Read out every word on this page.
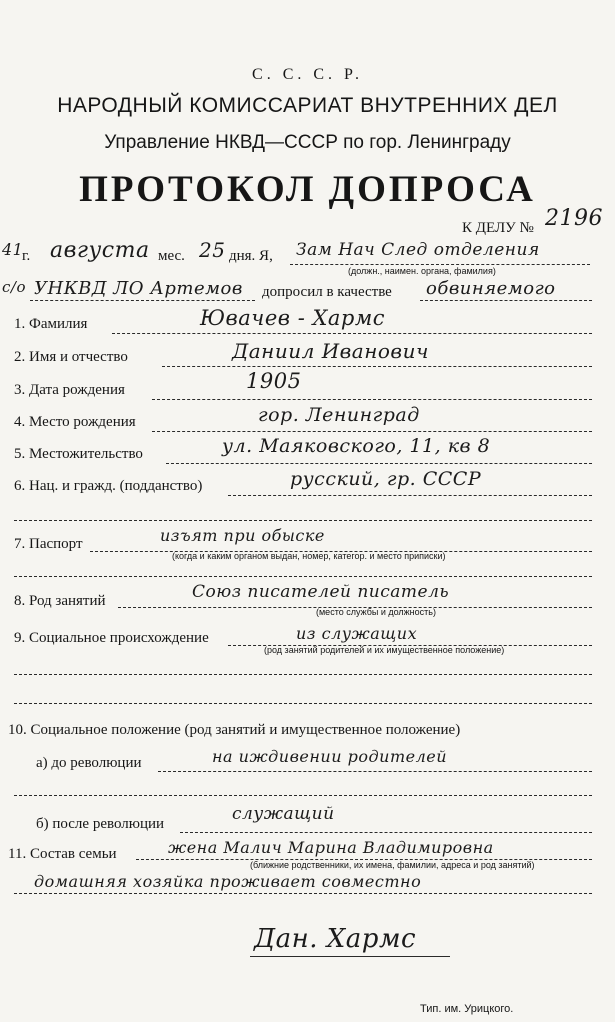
С. С. С. Р.
НАРОДНЫЙ КОМИССАРИАТ ВНУТРЕННИХ ДЕЛ
Управление НКВД—СССР по гор. Ленинграду
ПРОТОКОЛ ДОПРОСА
К ДЕЛУ № 2196
41
г. августа мес. 25 дня. Я, Зам Нач След отделения
(должн., наимен. органа, фамилия)
с/о УНКВД ЛО Артемов допросил в качестве обвиняемого
1. Фамилия	Ювачев - Хармс
2. Имя и отчество	Даниил Иванович
3. Дата рождения	1905
4. Место рождения	гор. Ленинград
5. Местожительство	ул. Маяковского, 11, кв 8
6. Нац. и гражд. (подданство)	русский, гр. СССР
7. Паспорт	изъят при обыске
(когда и каким органом выдан, номер, категор. и место приписки)
8. Род занятий	Союз писателей писатель
(место службы и должность)
9. Социальное происхождение	из служащих
(род занятий родителей и их имущественное положение)
10. Социальное положение (род занятий и имущественное положение)
а) до революции	на иждивении родителей
б) после революции	служащий
11. Состав семьи	жена Малич Марина Владимировна
(ближние родственники, их имена, фамилии, адреса и род занятий)
домашняя хозяйка проживает совместно
Дан. Хармс
Тип. им. Урицкого.
